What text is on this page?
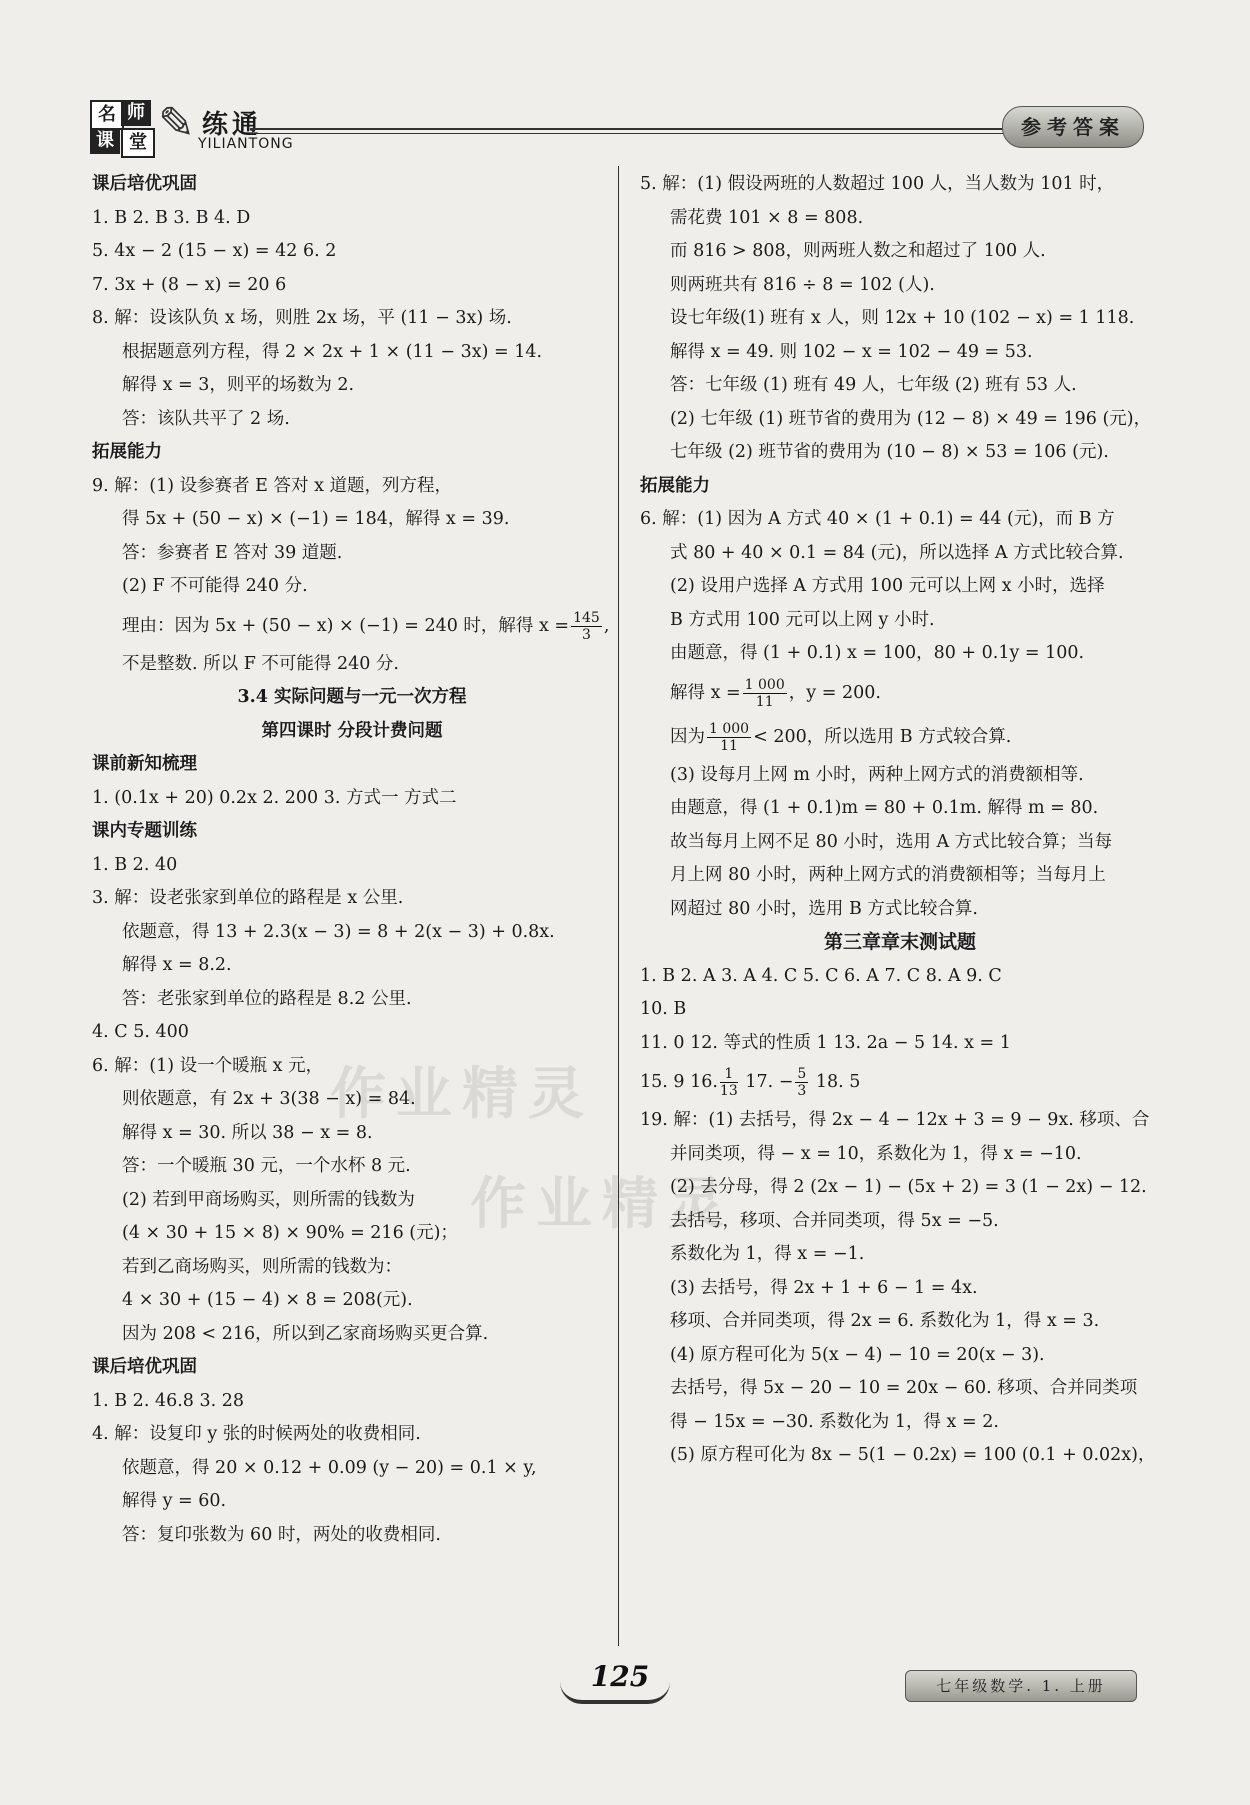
名 师
课 堂 ✎ 练通
YILIANTONG
参考答案
作业精灵
作业精灵
课后培优巩固
1. B 2. B 3. B 4. D
5. 4x − 2 (15 − x) = 42 6. 2
7. 3x + (8 − x) = 20 6
8. 解：设该队负 x 场，则胜 2x 场，平 (11 − 3x) 场.
根据题意列方程，得 2 × 2x + 1 × (11 − 3x) = 14.
解得 x = 3，则平的场数为 2.
答：该队共平了 2 场.
拓展能力
9. 解：(1) 设参赛者 E 答对 x 道题，列方程，
得 5x + (50 − x) × (−1) = 184，解得 x = 39.
答：参赛者 E 答对 39 道题.
(2) F 不可能得 240 分.
理由：因为 5x + (50 − x) × (−1) = 240 时，解得 $x = \frac{145}{3}$ ,
不是整数. 所以 F 不可能得 240 分.
3.4 实际问题与一元一次方程
第四课时 分段计费问题
课前新知梳理
1. (0.1x + 20) 0.2x 2. 200 3. 方式一 方式二
课内专题训练
1. B 2. 40
3. 解：设老张家到单位的路程是 x 公里.
依题意，得 13 + 2.3(x − 3) = 8 + 2(x − 3) + 0.8x.
解得 x = 8.2.
答：老张家到单位的路程是 8.2 公里.
4. C 5. 400
6. 解：(1) 设一个暖瓶 x 元，
则依题意，有 2x + 3(38 − x) = 84.
解得 x = 30. 所以 38 − x = 8.
答：一个暖瓶 30 元，一个水杯 8 元.
(2) 若到甲商场购买，则所需的钱数为
(4 × 30 + 15 × 8) × 90% = 216 (元)；
若到乙商场购买，则所需的钱数为：
4 × 30 + (15 − 4) × 8 = 208(元).
因为 208 < 216，所以到乙家商场购买更合算.
课后培优巩固
1. B 2. 46.8 3. 28
4. 解：设复印 y 张的时候两处的收费相同.
依题意，得 20 × 0.12 + 0.09 (y − 20) = 0.1 × y,
解得 y = 60.
答：复印张数为 60 时，两处的收费相同.
5. 解：(1) 假设两班的人数超过 100 人，当人数为 101 时，
需花费 101 × 8 = 808.
而 816 > 808，则两班人数之和超过了 100 人.
则两班共有 816 ÷ 8 = 102 (人).
设七年级(1) 班有 x 人，则 12x + 10 (102 − x) = 1 118.
解得 x = 49. 则 102 − x = 102 − 49 = 53.
答：七年级 (1) 班有 49 人，七年级 (2) 班有 53 人.
(2) 七年级 (1) 班节省的费用为 (12 − 8) × 49 = 196 (元)，
七年级 (2) 班节省的费用为 (10 − 8) × 53 = 106 (元).
拓展能力
6. 解：(1) 因为 A 方式 40 × (1 + 0.1) = 44 (元)，而 B 方
式 80 + 40 × 0.1 = 84 (元)，所以选择 A 方式比较合算.
(2) 设用户选择 A 方式用 100 元可以上网 x 小时，选择
B 方式用 100 元可以上网 y 小时.
由题意，得 (1 + 0.1) x = 100，80 + 0.1y = 100.
解得 $x = \frac{1 000}{11}$ ，y = 200.
因为 $\frac{1 000}{11} < 200$，所以选用 B 方式较合算.
(3) 设每月上网 m 小时，两种上网方式的消费额相等.
由题意，得 (1 + 0.1)m = 80 + 0.1m. 解得 m = 80.
故当每月上网不足 80 小时，选用 A 方式比较合算；当每
月上网 80 小时，两种上网方式的消费额相等；当每月上
网超过 80 小时，选用 B 方式比较合算.
第三章章末测试题
1. B 2. A 3. A 4. C 5. C 6. A 7. C 8. A 9. C
10. B
11. 0 12. 等式的性质 1 13. 2a − 5 14. x = 1
15. 9 16. $\frac{1}{13} 17$. − $\frac{5}{3} 18$. 5
19. 解：(1) 去括号，得 2x − 4 − 12x + 3 = 9 − 9x. 移项、合
并同类项，得 − x = 10，系数化为 1，得 x = −10.
(2) 去分母，得 2 (2x − 1) − (5x + 2) = 3 (1 − 2x) − 12.
去括号，移项、合并同类项，得 5x = −5.
系数化为 1，得 x = −1.
(3) 去括号，得 2x + 1 + 6 − 1 = 4x.
移项、合并同类项，得 2x = 6. 系数化为 1，得 x = 3.
(4) 原方程可化为 5(x − 4) − 10 = 20(x − 3).
去括号，得 5x − 20 − 10 = 20x − 60. 移项、合并同类项
得 − 15x = −30. 系数化为 1，得 x = 2.
(5) 原方程可化为 8x − 5(1 − 0.2x) = 100 (0.1 + 0.02x)，
125	七年级数学. 1. 上册
